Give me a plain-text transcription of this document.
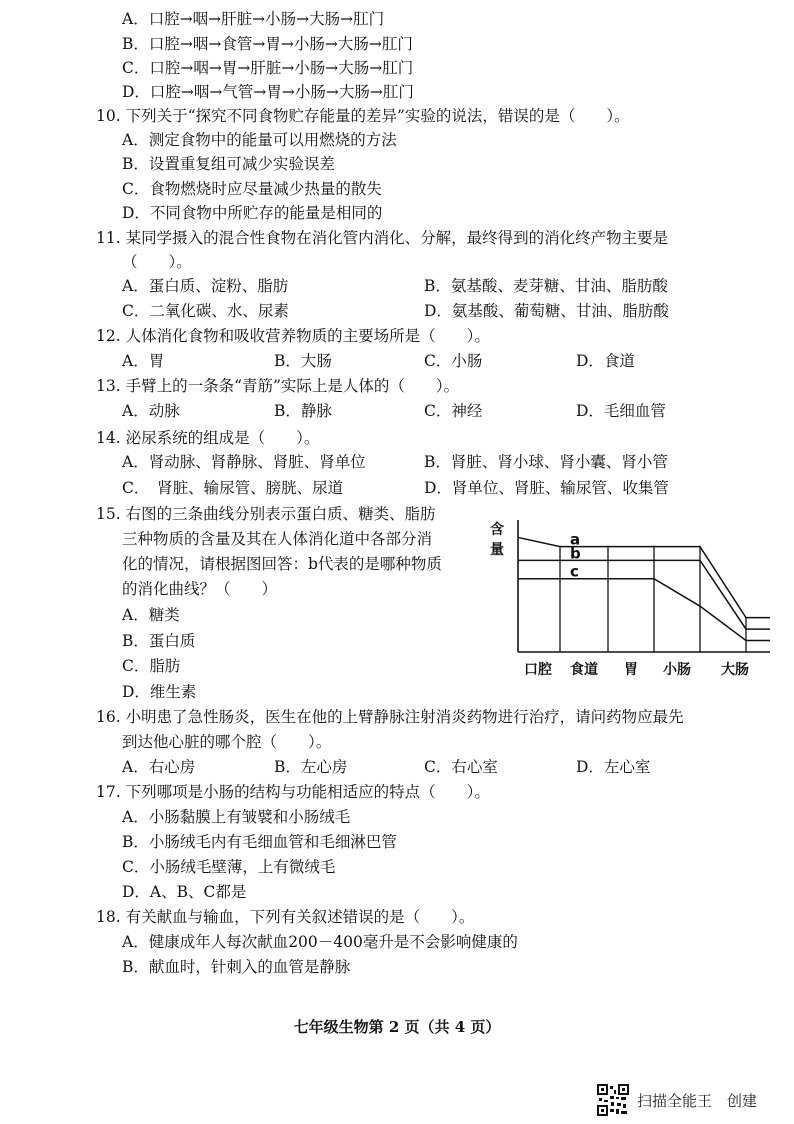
A．口腔→咽→肝脏→小肠→大肠→肛门
B．口腔→咽→食管→胃→小肠→大肠→肛门
C．口腔→咽→胃→肝脏→小肠→大肠→肛门
D．口腔→咽→气管→胃→小肠→大肠→肛门
10. 下列关于“探究不同食物贮存能量的差异”实验的说法，错误的是（　　）。
A．测定食物中的能量可以用燃烧的方法
B．设置重复组可减少实验误差
C．食物燃烧时应尽量减少热量的散失
D．不同食物中所贮存的能量是相同的
11. 某同学摄入的混合性食物在消化管内消化、分解，最终得到的消化终产物主要是
（　　）。
A．蛋白质、淀粉、脂肪	B．氨基酸、麦芽糖、甘油、脂肪酸
C．二氧化碳、水、尿素	D．氨基酸、葡萄糖、甘油、脂肪酸
12. 人体消化食物和吸收营养物质的主要场所是（　　）。
A．胃	B．大肠	C．小肠	D．食道
13. 手臂上的一条条“青筋”实际上是人体的（　　）。
A．动脉	B．静脉	C．神经	D．毛细血管
14. 泌尿系统的组成是（　　）。
A．肾动脉、肾静脉、肾脏、肾单位	B．肾脏、肾小球、肾小囊、肾小管
C．　肾脏、输尿管、膀胱、尿道	D．肾单位、肾脏、输尿管、收集管
15. 右图的三条曲线分别表示蛋白质、糖类、脂肪
三种物质的含量及其在人体消化道中各部分消
化的情况，请根据图回答：b代表的是哪种物质
的消化曲线？（　　）
A．糖类
B．蛋白质
C．脂肪
D．维生素
含
量
a
b
c
口腔 食道 胃 小肠 大肠
16. 小明患了急性肠炎，医生在他的上臂静脉注射消炎药物进行治疗，请问药物应最先
到达他心脏的哪个腔（　　）。
A．右心房	B．左心房	C．右心室	D．左心室
17. 下列哪项是小肠的结构与功能相适应的特点（　　）。
A．小肠黏膜上有皱襞和小肠绒毛
B．小肠绒毛内有毛细血管和毛细淋巴管
C．小肠绒毛壁薄，上有微绒毛
D．A、B、C都是
18. 有关献血与输血，下列有关叙述错误的是（　　）。
A．健康成年人每次献血200－400毫升是不会影响健康的
B．献血时，针刺入的血管是静脉
七年级生物第 2 页（共 4 页）
扫描全能王　创建
